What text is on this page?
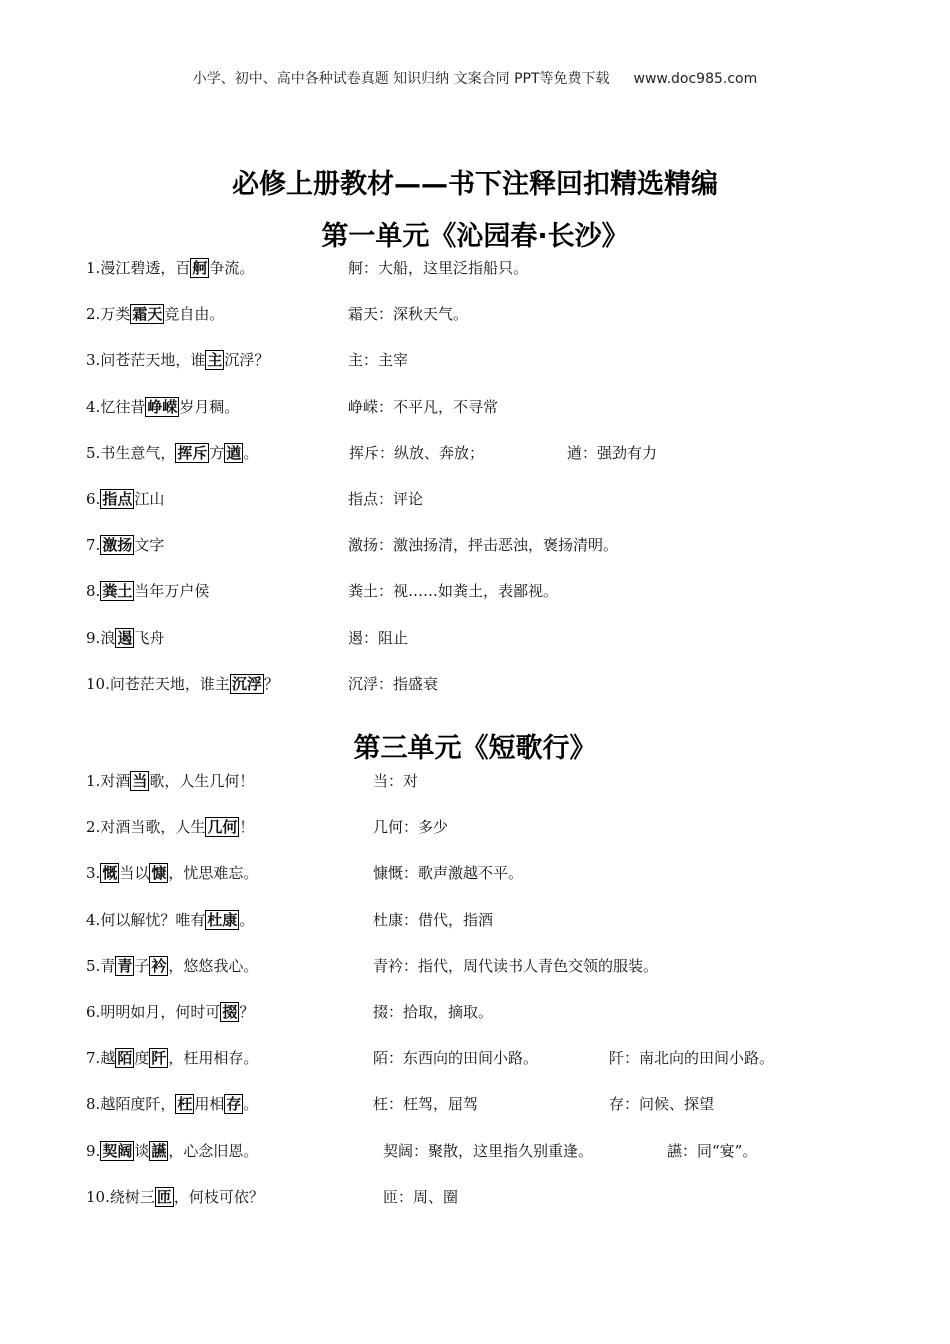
小学、初中、高中各种试卷真题 知识归纳 文案合同 PPT等免费下载 www.doc985.com
必修上册教材——书下注释回扣精选精编
第一单元《沁园春·长沙》
第三单元《短歌行》
1.漫江碧透，百 舸 争流。	舸：大船，这里泛指船只。
2.万类 霜天 竞自由。	霜天：深秋天气。
3.问苍茫天地，谁 主 沉浮？	主：主宰
4.忆往昔 峥嵘 岁月稠。	峥嵘：不平凡，不寻常
5.书生意气， 挥斥 方 遒 。	挥斥：纵放、奔放；	遒：强劲有力
6. 指点 江山	指点：评论
7. 激扬 文字	激扬：激浊扬清，抨击恶浊，褒扬清明。
8. 粪土 当年万户侯	粪土：视……如粪土，表鄙视。
9.浪 遏 飞舟	遏：阻止
10.问苍茫天地，谁主 沉浮 ？	沉浮：指盛衰
1.对酒 当 歌，人生几何！	当：对
2.对酒当歌，人生 几何 ！	几何：多少
3. 慨 当以 慷 ，忧思难忘。	慷慨：歌声激越不平。
4.何以解忧？唯有 杜康 。	杜康：借代，指酒
5.青 青 子 衿 ，悠悠我心。	青衿：指代，周代读书人青色交领的服装。
6.明明如月，何时可 掇 ？	掇：拾取，摘取。
7.越 陌 度 阡 ，枉用相存。	陌：东西向的田间小路。	阡：南北向的田间小路。
8.越陌度阡， 枉 用相 存 。	枉：枉驾，屈驾	存：问候、探望
9. 契阔 谈 讌 ，心念旧恩。	契阔：聚散，这里指久别重逢。	讌：同“宴”。
10.绕树三 匝 ，何枝可依？	匝：周、圈
